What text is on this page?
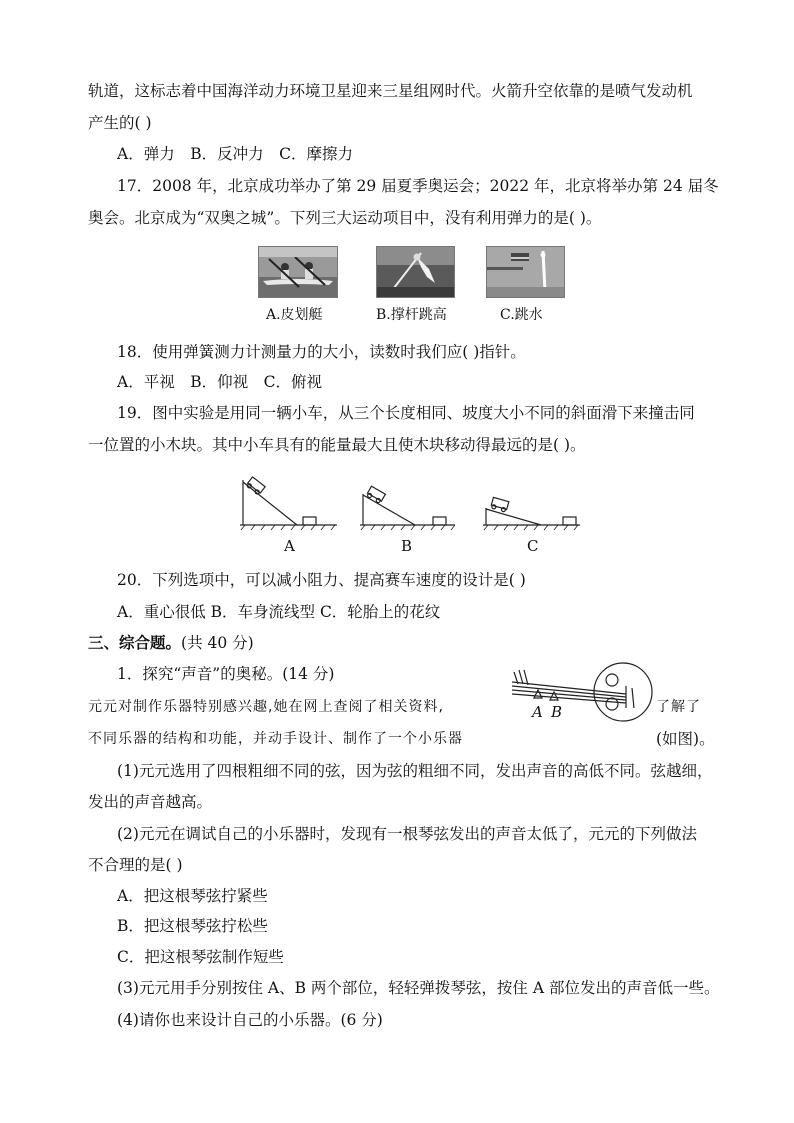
轨道，这标志着中国海洋动力环境卫星迎来三星组网时代。火箭升空依靠的是喷气发动机
产生的( )
A．弹力　B．反冲力　C．摩擦力
17．2008 年，北京成功举办了第 29 届夏季奥运会；2022 年，北京将举办第 24 届冬
奥会。北京成为“双奥之城”。下列三大运动项目中，没有利用弹力的是( )。
A.皮划艇	B.撑杆跳高	C.跳水
18．使用弹簧测力计测量力的大小，读数时我们应( )指针。
A．平视　B．仰视　C．俯视
19．图中实验是用同一辆小车，从三个长度相同、坡度大小不同的斜面滑下来撞击同
一位置的小木块。其中小车具有的能量最大且使木块移动得最远的是( )。
A	B	C
20．下列选项中，可以减小阻力、提高赛车速度的设计是( )
A．重心很低 B．车身流线型 C．轮胎上的花纹
三、综合题。(共 40 分)
1．探究“声音”的奥秘。(14 分)
元元对制作乐器特别感兴趣,她在网上查阅了相关资料,	了解了
不同乐器的结构和功能，并动手设计、制作了一个小乐器	(如图)。
A B
(1)元元选用了四根粗细不同的弦，因为弦的粗细不同，发出声音的高低不同。弦越细，
发出的声音越高。
(2)元元在调试自己的小乐器时，发现有一根琴弦发出的声音太低了，元元的下列做法
不合理的是( )
A．把这根琴弦拧紧些
B．把这根琴弦拧松些
C．把这根琴弦制作短些
(3)元元用手分别按住 A、B 两个部位，轻轻弹拨琴弦，按住 A 部位发出的声音低一些。
(4)请你也来设计自己的小乐器。(6 分)
